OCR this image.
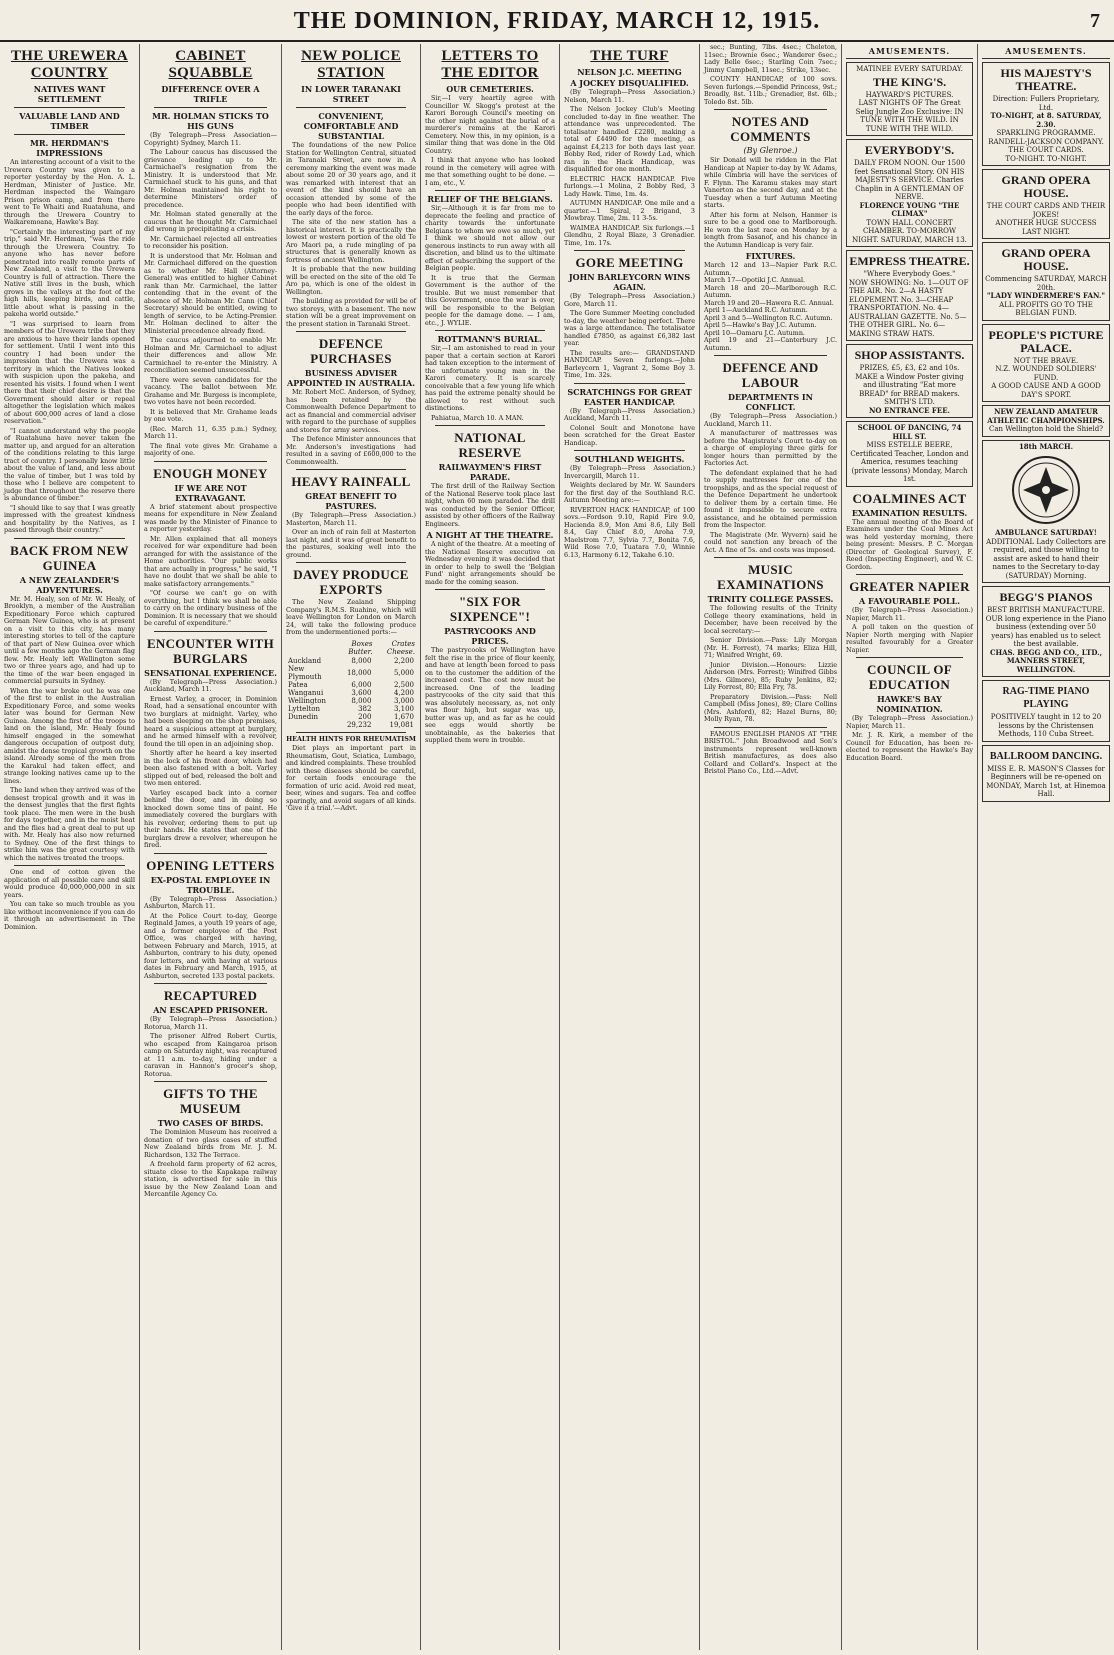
THE DOMINION, FRIDAY, MARCH 12, 1915.	7
THE UREWERA COUNTRY
NATIVES WANT SETTLEMENT
VALUABLE LAND AND TIMBER
MR. HERDMAN'S IMPRESSIONS

An interesting account of a visit to the Urewera Country was given to a reporter yesterday by the Hon. A. L. Herdman, Minister of Justice. Mr. Herdman inspected the Waingaro Prison prison camp, and from there went to Te Whaiti and Ruatahuna, and through the Urewera Country to Waikaremoana, Hawke's Bay.

"Certainly the interesting part of my trip," said Mr. Herdman, "was the ride through the Urewera Country. To anyone who has never before penetrated into really remote parts of New Zealand, a visit to the Urewera Country is full of attraction. There the Native still lives in the bush, which grows in the valleys at the foot of the high hills, keeping birds, and cattle, little about what is passing in the pakeha world outside."

"I was surprised to learn from members of the Urewera tribe that they are anxious to have their lands opened for settlement. Until I went into this country I had been under the impression that the Urewera was a territory in which the Natives looked with suspicion upon the pakeha, and resented his visits. I found when I went there that their chief desire is that the Government should alter or repeal altogether the legislation which makes of about 600,000 acres of land a close reservation."

"I cannot understand why the people of Ruatahuna have never taken the matter up, and argued for an alteration of the conditions relating to this large tract of country. I personally know little about the value of land, and less about the value of timber, but I was told by those who I believe are competent to judge that throughout the reserve there is abundance of timber."

"I should like to say that I was greatly impressed with the greatest kindness and hospitality by the Natives, as I passed through their country."

BACK FROM NEW GUINEA
A NEW ZEALANDER'S ADVENTURES.

Mr. M. Healy, son of Mr. W. Healy, of Brooklyn, a member of the Australian Expeditionary Force which captured German New Guinea, who is at present on a visit to this city, has many interesting stories to tell of the capture of that part of New Guinea over which until a few months ago the German flag flew. Mr. Healy left Wellington some two or three years ago, and had up to the time of the war been engaged in commercial pursuits in Sydney.

When the war broke out he was one of the first to enlist in the Australian Expeditionary Force, and some weeks later was bound for German New Guinea. Among the first of the troops to land on the island, Mr. Healy found himself engaged in the somewhat dangerous occupation of outpost duty, amidst the dense tropical growth on the island. Already some of the men from the Karakul had taken effect, and strange looking natives came up to the lines.

The land when they arrived was of the densest tropical growth and it was in the densest jungles that the first fights took place. The men were in the bush for days together, and in the moist heat and the flies had a great deal to put up with. Mr. Healy has also now returned to Sydney. One of the first things to strike him was the great courtesy with which the natives treated the troops.

One end of cotton given the application of all possible care and skill would produce 40,000,000,000 in six years.

You can take so much trouble as you like without inconvenience if you can do it through an advertisement in The Dominion.

CABINET SQUABBLE
DIFFERENCE OVER A TRIFLE
MR. HOLMAN STICKS TO HIS GUNS

(By Telegraph—Press Association—Copyright) Sydney, March 11.

The Labour caucus has discussed the grievance leading up to Mr. Carmichael's resignation from the Ministry. It is understood that Mr. Carmichael stuck to his guns, and that Mr. Holman maintained his right to determine Ministers' order of precedence.

Mr. Holman stated generally at the caucus that he thought Mr. Carmichael did wrong in precipitating a crisis.

Mr. Carmichael rejected all entreaties to reconsider his position.

It is understood that Mr. Holman and Mr. Carmichael differed on the question as to whether Mr. Hall (Attorney-General) was entitled to higher Cabinet rank than Mr. Carmichael, the latter contending that in the event of the absence of Mr. Holman Mr. Cann (Chief Secretary) should be entitled, owing to length of service, to be Acting-Premier. Mr. Holman declined to alter the Ministerial precedence already fixed.

The caucus adjourned to enable Mr. Holman and Mr. Carmichael to adjust their differences and allow Mr. Carmichael to re-enter the Ministry. A reconciliation seemed unsuccessful.

There were seven candidates for the vacancy. The ballot between Mr. Grahame and Mr. Burgess is incomplete, two votes have not been recorded.

It is believed that Mr. Grahame leads by one vote.

(Rec. March 11, 6.35 p.m.) Sydney, March 11.

The final vote gives Mr. Grahame a majority of one.

ENOUGH MONEY
IF WE ARE NOT EXTRAVAGANT.

A brief statement about prospective means for expenditure in New Zealand was made by the Minister of Finance to a reporter yesterday.

Mr. Allen explained that all moneys received for war expenditure had been arranged for with the assistance of the Home authorities. "Our public works that are actually in progress," he said, "I have no doubt that we shall be able to make satisfactory arrangements."

"Of course we can't go on with everything, but I think we shall be able to carry on the ordinary business of the Dominion. It is necessary that we should be careful of expenditure."

ENCOUNTER WITH BURGLARS
SENSATIONAL EXPERIENCE.

(By Telegraph—Press Association.) Auckland, March 11.

Ernest Varley, a grocer, in Dominion Road, had a sensational encounter with two burglars at midnight. Varley, who had been sleeping on the shop premises, heard a suspicious attempt at burglary, and he armed himself with a revolver, found the till open in an adjoining shop.

Shortly after he heard a key inserted in the lock of his front door, which had been also fastened with a bolt. Varley slipped out of bed, released the bolt and two men entered.

Varley escaped back into a corner behind the door, and in doing so knocked down some tins of paint. He immediately covered the burglars with his revolver, ordering them to put up their hands. He states that one of the burglars drew a revolver, whereupon he fired.

OPENING LETTERS
EX-POSTAL EMPLOYEE IN TROUBLE.

(By Telegraph—Press Association.) Ashburton, March 11.

At the Police Court to-day, George Reginald James, a youth 19 years of age, and a former employee of the Post Office, was charged with having, between February and March, 1915, at Ashburton, contrary to his duty, opened four letters, and with having at various dates in February and March, 1915, at Ashburton, secreted 133 postal packets.

RECAPTURED
AN ESCAPED PRISONER.

(By Telegraph—Press Association.) Rotorua, March 11.

The prisoner Alfred Robert Curtis, who escaped from Kaingaroa prison camp on Saturday night, was recaptured at 11 a.m. to-day, hiding under a caravan in Hannon's grocer's shop, Rotorua.

GIFTS TO THE MUSEUM
TWO CASES OF BIRDS.

The Dominion Museum has received a donation of two glass cases of stuffed New Zealand birds from Mr. J. M. Richardson, 132 The Terrace.

A freehold farm property of 62 acres, situate close to the Kapakapa railway station, is advertised for sale in this issue by the New Zealand Loan and Mercantile Agency Co.

NEW POLICE STATION
IN LOWER TARANAKI STREET
CONVENIENT, COMFORTABLE AND SUBSTANTIAL

The foundations of the new Police Station for Wellington Central, situated in Taranaki Street, are now in. A ceremony marking the event was made about some 20 or 30 years ago, and it was remarked with interest that an event of the kind should have an occasion attended by some of the people who had been identified with the early days of the force.

The site of the new station has a historical interest. It is practically the lowest or western portion of the old Te Aro Maori pa, a rude mingling of pa structures that is generally known as fortress of ancient Wellington.

It is probable that the new building will be erected on the site of the old Te Aro pa, which is one of the oldest in Wellington.

The building as provided for will be of two storeys, with a basement. The new station will be a great improvement on the present station in Taranaki Street.

DEFENCE PURCHASES
BUSINESS ADVISER APPOINTED IN AUSTRALIA.

Mr. Robert McC. Anderson, of Sydney, has been retained by the Commonwealth Defence Department to act as financial and commercial adviser with regard to the purchase of supplies and stores for army services.

The Defence Minister announces that Mr. Anderson's investigations had resulted in a saving of £600,000 to the Commonwealth.

HEAVY RAINFALL
GREAT BENEFIT TO PASTURES.

(By Telegraph—Press Association.) Masterton, March 11.

Over an inch of rain fell at Masterton last night, and it was of great benefit to the pastures, soaking well into the ground.

DAVEY PRODUCE EXPORTS

The New Zealand Shipping Company's R.M.S. Ruahine, which will leave Wellington for London on March 24, will take the following produce from the undermentioned ports:—

	Boxes Butter.	Crates Cheese.
Auckland	8,000	2,200
New Plymouth	18,000	5,000
Patea	6,000	2,500
Wanganui	3,600	4,200
Wellington	8,000	3,000
Lyttelton	382	3,100
Dunedin	200	1,670

	29,232	19,081

HEALTH HINTS FOR RHEUMATISM

Diet plays an important part in Rheumatism, Gout, Sciatica, Lumbago, and kindred complaints. These troubled with these diseases should be careful, for certain foods encourage the formation of uric acid. Avoid red meat, beer, wines and sugars. Tea and coffee sparingly, and avoid sugars of all kinds. 'Give it a trial.'—Advt.

LETTERS TO THE EDITOR
OUR CEMETERIES.

Sir,—I very heartily agree with Councillor W. Skogg's protest at the Karori Borough Council's meeting on the other night against the burial of a murderer's remains at the Karori Cemetery. Now this, in my opinion, is a similar thing that was done in the Old Country.

I think that anyone who has looked round in the cemetery will agree with me that something ought to be done. — I am, etc., V.

RELIEF OF THE BELGIANS.

Sir,—Although it is far from me to deprecate the feeling and practice of charity towards the unfortunate Belgians to whom we owe so much, yet I think we should not allow our generous instincts to run away with all discretion, and blind us to the ultimate effect of subscribing the support of the Belgian people.

It is true that the German Government is the author of the trouble. But we must remember that this Government, once the war is over, will be responsible to the Belgian people for the damage done. — I am, etc., J. WYLIE.

ROTTMANN'S BURIAL.

Sir,—I am astonished to read in your paper that a certain section at Karori had taken exception to the interment of the unfortunate young man in the Karori cemetery. It is scarcely conceivable that a few young life which has paid the extreme penalty should be allowed to rest without such distinctions.

Pahiatua, March 10. A MAN.

NATIONAL RESERVE
RAILWAYMEN'S FIRST PARADE.

The first drill of the Railway Section of the National Reserve took place last night, when 60 men paraded. The drill was conducted by the Senior Officer, assisted by other officers of the Railway Engineers.

A NIGHT AT THE THEATRE.

A night of the theatre. At a meeting of the National Reserve executive on Wednesday evening it was decided that in order to help to swell the 'Belgian Fund' night arrangements should be made for the coming season.

"SIX FOR SIXPENCE"!
PASTRYCOOKS AND PRICES.

The pastrycooks of Wellington have felt the rise in the price of flour keenly, and have at length been forced to pass on to the customer the addition of the increased cost. The cost now must be increased. One of the leading pastrycooks of the city said that this was absolutely necessary, as, not only was flour high, but sugar was up, butter was up, and as far as he could see eggs would shortly be unobtainable, as the bakeries that supplied them were in trouble.

THE TURF
NELSON J.C. MEETING
A JOCKEY DISQUALIFIED.

(By Telegraph—Press Association.) Nelson, March 11.

The Nelson Jockey Club's Meeting concluded to-day in fine weather. The attendance was unprecedented. The totalisator handled £2280, making a total of £4490 for the meeting, as against £4,213 for both days last year. Bobby Red, rider of Rowdy Lad, which ran in the Hack Handicap, was disqualified for one month.

ELECTRIC HACK HANDICAP. Five furlongs.—1 Molina, 2 Bobby Red, 3 Lady Hawk. Time, 1m. 4s.

AUTUMN HANDICAP. One mile and a quarter.—1 Spiral, 2 Brigand, 3 Mowbray. Time, 2m. 11 3-5s.

WAIMEA HANDICAP. Six furlongs.—1 Glendhu, 2 Royal Blaze, 3 Grenadier. Time, 1m. 17s.

GORE MEETING
JOHN BARLEYCORN WINS AGAIN.

(By Telegraph—Press Association.) Gore, March 11.

The Gore Summer Meeting concluded to-day, the weather being perfect. There was a large attendance. The totalisator handled £7850, as against £6,382 last year.

The results are:— GRANDSTAND HANDICAP. Seven furlongs.—John Barleycorn 1, Vagrant 2, Some Boy 3. Time, 1m. 32s.

SCRATCHINGS FOR GREAT EASTER HANDICAP.

(By Telegraph—Press Association.) Auckland, March 11.

Colonel Soult and Monotone have been scratched for the Great Easter Handicap.

SOUTHLAND WEIGHTS.

(By Telegraph—Press Association.) Invercargill, March 11.

Weights declared by Mr. W. Saunders for the first day of the Southland R.C. Autumn Meeting are:—

RIVERTON HACK HANDICAP, of 100 sovs.—Fordson 9.10, Rapid Fire 9.0, Hacienda 8.9, Mon Ami 8.6, Lily Bell 8.4, Gay Chief 8.0, Aroha 7.9, Maelstrom 7.7, Sylvia 7.7, Bonita 7.6, Wild Rose 7.0, Tuatara 7.0, Winnie 6.13, Harmony 6.12, Takahe 6.10.

sec.; Bunting, 7lbs. 4sec.; Cheleton, 11sec.; Brownie 6sec.; Wanderer 6sec.; Lady Belle 6sec.; Starling Coin 7sec.; Jimmy Campbell, 11sec.; Strike, 13sec.

COUNTY HANDICAP, of 100 sovs. Seven furlongs.—Spendid Princess, 9st.; Broadly, 8st. 11lb.; Grenadier, 8st. 6lb.; Toledo 8st. 5lb.

NOTES AND COMMENTS
(By Glenroe.)

Sir Donald will be ridden in the Flat Handicap at Napier to-day by W. Adams, while Cimbria will have the services of F. Flynn. The Karamu stakes may start Vanerton as the second day, and at the Tuesday when a turf Autumn Meeting starts.

After his form at Nelson, Hanmer is sure to be a good one to Marlborough. He won the last race on Monday by a length from Sasanof, and his chance in the Autumn Handicap is very fair.

FIXTURES.

March 12 and 13—Napier Park R.C. Autumn.
March 17—Opotiki J.C. Annual.
March 18 and 20—Marlborough R.C. Autumn.
March 19 and 20—Hawera R.C. Annual.
April 1—Auckland R.C. Autumn.
April 3 and 5—Wellington R.C. Autumn.
April 5—Hawke's Bay J.C. Autumn.
April 10—Oamaru J.C. Autumn.
April 19 and 21—Canterbury J.C. Autumn.

DEFENCE AND LABOUR
DEPARTMENTS IN CONFLICT.

(By Telegraph—Press Association.) Auckland, March 11.

A manufacturer of mattresses was before the Magistrate's Court to-day on a charge of employing three girls for longer hours than permitted by the Factories Act.

The defendant explained that he had to supply mattresses for one of the troopships, and as the special request of the Defence Department he undertook to deliver them by a certain time. He found it impossible to secure extra assistance, and he obtained permission from the Inspector.

The Magistrate (Mr. Wyvern) said he could not sanction any breach of the Act. A fine of 5s. and costs was imposed.

MUSIC EXAMINATIONS
TRINITY COLLEGE PASSES.

The following results of the Trinity College theory examinations, held in December, have been received by the local secretary:—

Senior Division.—Pass: Lily Morgan (Mr. H. Forrest), 74 marks; Eliza Hill, 71; Winifred Wright, 69.

Junior Division.—Honours: Lizzie Anderson (Mrs. Forrest); Winifred Gibbs (Mrs. Gilmore), 85; Ruby Jenkins, 82; Lily Forrest, 80; Ella Fry, 78.

Preparatory Division.—Pass: Nell Campbell (Miss Jones), 89; Clare Collins (Mrs. Ashford), 82; Hazel Burns, 80; Molly Ryan, 78.

FAMOUS ENGLISH PIANOS AT "THE BRISTOL." John Broadwood and Son's instruments represent well-known British manufactures, as does also Collard and Collard's. Inspect at the Bristol Piano Co., Ltd.—Advt.

AMUSEMENTS.
MATINEE EVERY SATURDAY.
THE KING'S.
HAYWARD'S PICTURES.
LAST NIGHTS OF The Great Selig Jungle Zoo Exclusive: IN TUNE WITH THE WILD. IN TUNE WITH THE WILD.
EVERYBODY'S.
DAILY FROM NOON. Our 1500 feet Sensational Story. ON HIS MAJESTY'S SERVICE. Charles Chaplin in A GENTLEMAN OF NERVE.
FLORENCE YOUNG "THE CLIMAX"
TOWN HALL CONCERT CHAMBER. TO-MORROW NIGHT. SATURDAY, MARCH 13.
EMPRESS THEATRE.
"Where Everybody Goes."
NOW SHOWING: No. 1—OUT OF THE AIR. No. 2—A HASTY ELOPEMENT. No. 3—CHEAP TRANSPORTATION. No. 4—AUSTRALIAN GAZETTE. No. 5—THE OTHER GIRL. No. 6—MAKING STRAW HATS.
SHOP ASSISTANTS.
PRIZES, £5, £3, £2 and 10s.
MAKE a Window Poster giving and illustrating "Eat more BREAD" for BREAD makers. SMITH'S LTD.
NO ENTRANCE FEE.
SCHOOL OF DANCING, 74 HILL ST.
MISS ESTELLE BEERE, Certificated Teacher, London and America, resumes teaching (private lessons) Monday, March 1st.
COALMINES ACT
EXAMINATION RESULTS.

The annual meeting of the Board of Examiners under the Coal Mines Act was held yesterday morning, there being present: Messrs. P. C. Morgan (Director of Geological Survey), F. Reed (Inspecting Engineer), and W. C. Gordon.

GREATER NAPIER
A FAVOURABLE POLL.

(By Telegraph—Press Association.) Napier, March 11.

A poll taken on the question of Napier North merging with Napier resulted favourably for a Greater Napier.

COUNCIL OF EDUCATION
HAWKE'S BAY NOMINATION.

(By Telegraph—Press Association.) Napier, March 11.

Mr. J. R. Kirk, a member of the Council for Education, has been re-elected to represent the Hawke's Bay Education Board.

AMUSEMENTS.
HIS MAJESTY'S THEATRE.
Direction: Fullers Proprietary, Ltd.
TO-NIGHT, at 8. SATURDAY, 2.30.
SPARKLING PROGRAMME.
RANDELL-JACKSON COMPANY.
THE COURT CARDS.
TO-NIGHT. TO-NIGHT.
GRAND OPERA HOUSE.
THE COURT CARDS AND THEIR JOKES!
ANOTHER HUGE SUCCESS LAST NIGHT.
GRAND OPERA HOUSE.
Commencing SATURDAY, MARCH 20th.
"LADY WINDERMERE'S FAN."
ALL PROFITS GO TO THE BELGIAN FUND.
PEOPLE'S PICTURE PALACE.
NOT THE BRAVE.
N.Z. WOUNDED SOLDIERS' FUND.
A GOOD CAUSE AND A GOOD DAY'S SPORT.
NEW ZEALAND AMATEUR ATHLETIC CHAMPIONSHIPS.
Can Wellington hold the Shield?
18th MARCH.
AMBULANCE SATURDAY!
ADDITIONAL Lady Collectors are required, and those willing to assist are asked to hand their names to the Secretary to-day (SATURDAY) Morning.
BEGG'S PIANOS
BEST BRITISH MANUFACTURE.
OUR long experience in the Piano business (extending over 50 years) has enabled us to select the best available.
CHAS. BEGG AND CO., LTD., MANNERS STREET, WELLINGTON.
RAG-TIME PIANO PLAYING
POSITIVELY taught in 12 to 20 lessons by the Christensen Methods, 110 Cuba Street.
BALLROOM DANCING.
MISS E. R. MASON'S Classes for Beginners will be re-opened on MONDAY, March 1st, at Hinemoa Hall.
